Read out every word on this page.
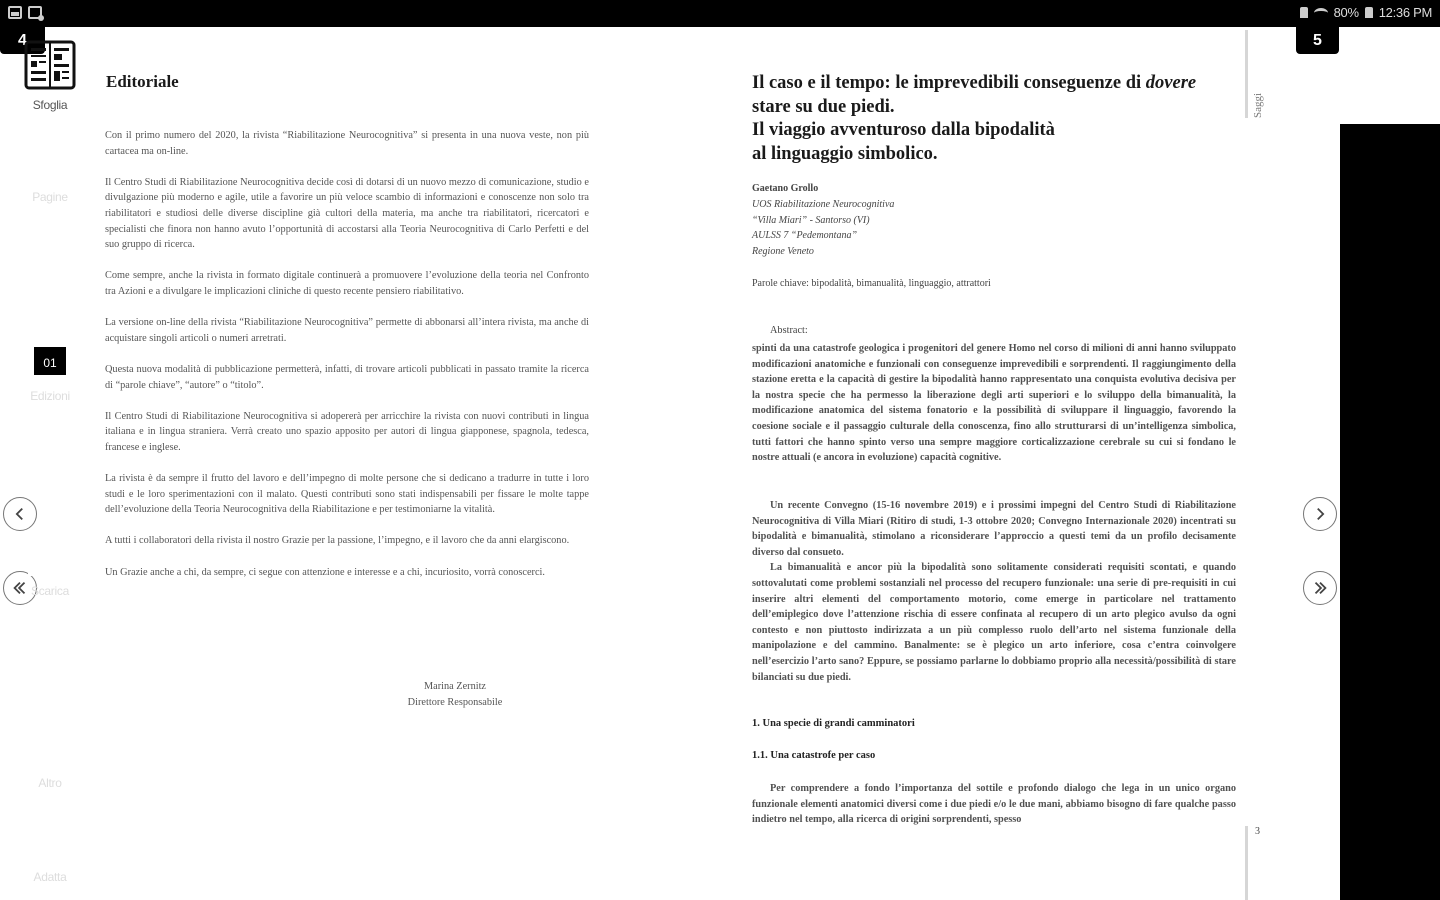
80% 12:36 PM
4
Editoriale

Con il primo numero del 2020, la rivista “Riabilitazione Neurocognitiva” si presenta in una nuova veste, non più cartacea ma on-line.

Il Centro Studi di Riabilitazione Neurocognitiva decide così di dotarsi di un nuovo mezzo di comunicazione, studio e divulgazione più moderno e agile, utile a favorire un più veloce scambio di informazioni e conoscenze non solo tra riabilitatori e studiosi delle diverse discipline già cultori della materia, ma anche tra riabilitatori, ricercatori e specialisti che finora non hanno avuto l’opportunità di accostarsi alla Teoria Neurocognitiva di Carlo Perfetti e del suo gruppo di ricerca.

Come sempre, anche la rivista in formato digitale continuerà a promuovere l’evoluzione della teoria nel Confronto tra Azioni e a divulgare le implicazioni cliniche di questo recente pensiero riabilitativo.

La versione on-line della rivista “Riabilitazione Neurocognitiva” permette di abbonarsi all’intera rivista, ma anche di acquistare singoli articoli o numeri arretrati.

Questa nuova modalità di pubblicazione permetterà, infatti, di trovare articoli pubblicati in passato tramite la ricerca di “parole chiave”, “autore” o “titolo”.

Il Centro Studi di Riabilitazione Neurocognitiva si adopererà per arricchire la rivista con nuovi contributi in lingua italiana e in lingua straniera. Verrà creato uno spazio apposito per autori di lingua giapponese, spagnola, tedesca, francese e inglese.

La rivista è da sempre il frutto del lavoro e dell’impegno di molte persone che si dedicano a tradurre in tutte i loro studi e le loro sperimentazioni con il malato. Questi contributi sono stati indispensabili per fissare le molte tappe dell’evoluzione della Teoria Neurocognitiva della Riabilitazione e per testimoniarne la vitalità.

A tutti i collaboratori della rivista il nostro Grazie per la passione, l’impegno, e il lavoro che da anni elargiscono.

Un Grazie anche a chi, da sempre, ci segue con attenzione e interesse e a chi, incuriosito, vorrà conoscerci.

Marina Zernitz
Direttore Responsabile
5
Il caso e il tempo: le imprevedibili conseguenze di dovere stare su due piedi.
Il viaggio avventuroso dalla bipodalità
al linguaggio simbolico.
Gaetano Grollo
UOS Riabilitazione Neurocognitiva
“Villa Miari” - Santorso (VI)
AULSS 7 “Pedemontana”
Regione Veneto
Parole chiave: bipodalità, bimanualità, linguaggio, attrattori
Abstract:
spinti da una catastrofe geologica i progenitori del genere Homo nel corso di milioni di anni hanno sviluppato modificazioni anatomiche e funzionali con conseguenze imprevedibili e sorprendenti. Il raggiungimento della stazione eretta e la capacità di gestire la bipodalità hanno rappresentato una conquista evolutiva decisiva per la nostra specie che ha permesso la liberazione degli arti superiori e lo sviluppo della bimanualità, la modificazione anatomica del sistema fonatorio e la possibilità di sviluppare il linguaggio, favorendo la coesione sociale e il passaggio culturale della conoscenza, fino allo strutturarsi di un’intelligenza simbolica, tutti fattori che hanno spinto verso una sempre maggiore corticalizzazione cerebrale su cui si fondano le nostre attuali (e ancora in evoluzione) capacità cognitive.

Un recente Convegno (15-16 novembre 2019) e i prossimi impegni del Centro Studi di Riabilitazione Neurocognitiva di Villa Miari (Ritiro di studi, 1-3 ottobre 2020; Convegno Internazionale 2020) incentrati su bipodalità e bimanualità, stimolano a riconsiderare l’approccio a questi temi da un profilo decisamente diverso dal consueto.

La bimanualità e ancor più la bipodalità sono solitamente considerati requisiti scontati, e quando sottovalutati come problemi sostanziali nel processo del recupero funzionale: una serie di pre-requisiti in cui inserire altri elementi del comportamento motorio, come emerge in particolare nel trattamento dell’emiplegico dove l’attenzione rischia di essere confinata al recupero di un arto plegico avulso da ogni contesto e non piuttosto indirizzata a un più complesso ruolo dell’arto nel sistema funzionale della manipolazione e del cammino. Banalmente: se è plegico un arto inferiore, cosa c’entra coinvolgere nell’esercizio l’arto sano? Eppure, se possiamo parlarne lo dobbiamo proprio alla necessità/possibilità di stare bilanciati su due piedi.

1. Una specie di grandi camminatori
1.1. Una catastrofe per caso

Per comprendere a fondo l’importanza del sottile e profondo dialogo che lega in un unico organo funzionale elementi anatomici diversi come i due piedi e/o le due mani, abbiamo bisogno di fare qualche passo indietro nel tempo, alla ricerca di origini sorprendenti, spesso

Saggi
3
Sfoglia
Pagine
01
Edizioni
Scarica
Altro
Adatta
